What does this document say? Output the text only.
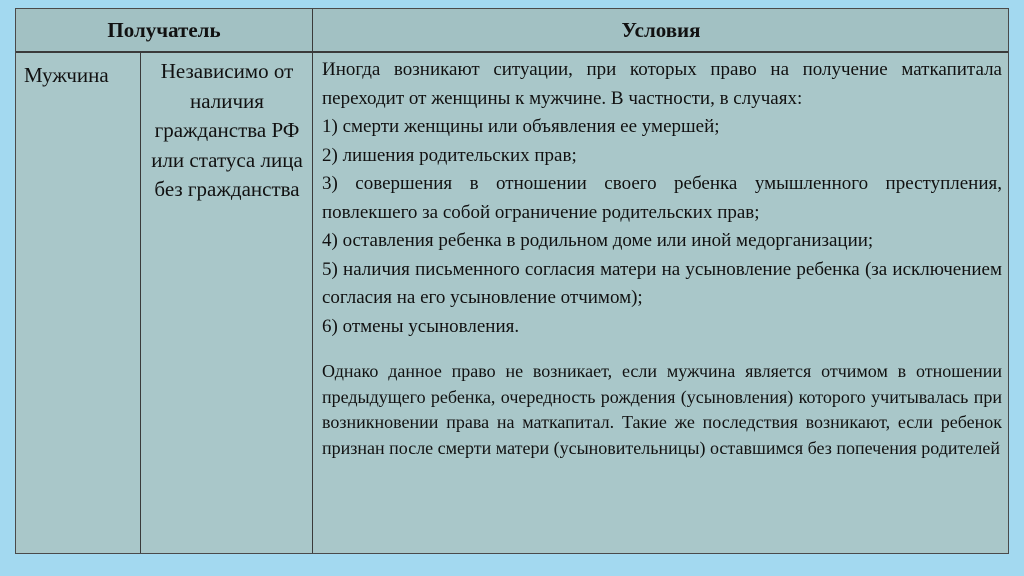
Получатель	Условия
Мужчина	Независимо от наличия гражданства РФ или статуса лица без гражданства

Иногда возникают ситуации, при которых право на получение маткапитала переходит от женщины к мужчине. В частности, в случаях:

1) смерти женщины или объявления ее умершей;

2) лишения родительских прав;

3) совершения в отношении своего ребенка умышленного преступления, повлекшего за собой ограничение родительских прав;

4) оставления ребенка в родильном доме или иной медорганизации;

5) наличия письменного согласия матери на усыновление ребенка (за исключением согласия на его усыновление отчимом);

6) отмены усыновления.

Однако данное право не возникает, если мужчина является отчимом в отношении предыдущего ребенка, очередность рождения (усыновления) которого учитывалась при возникновении права на маткапитал. Такие же последствия возникают, если ребенок признан после смерти матери (усыновительницы) оставшимся без попечения родителей
